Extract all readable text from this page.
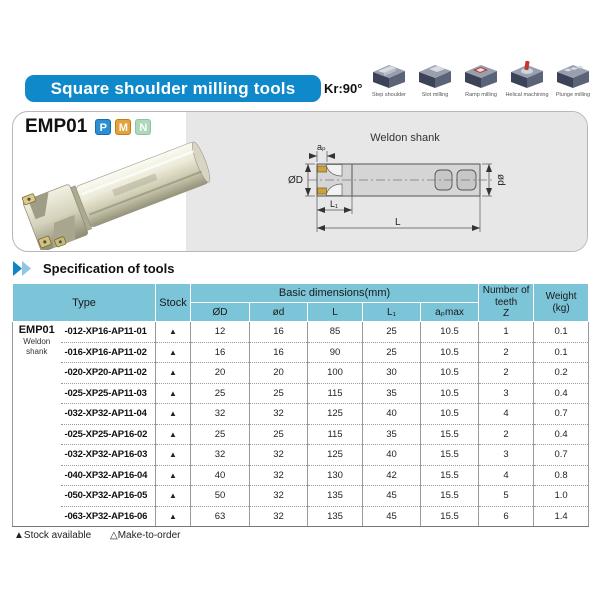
Square shoulder milling tools	Kr:90° Step shoulder	Slot milling	Ramp milling Helical machining Plunge milling
EMP01	P M N
Weldon shank
aₚ
ØD	ød
L₁
L
Specification of tools
Type	Stock	Basic dimensions(mm)	Number of
teeth
Z

Weight
(kg)

			ØD	ød	L	L₁	aₚmax		

EMP01
Weldon shank	-012-XP16-AP11-01	▲	12	16	85	25	10.5	1	0.1
	-016-XP16-AP11-02	▲	16	16	90	25	10.5	2	0.1
	-020-XP20-AP11-02	▲	20	20	100	30	10.5	2	0.2
	-025-XP25-AP11-03	▲	25	25	115	35	10.5	3	0.4
	-032-XP32-AP11-04	▲	32	32	125	40	10.5	4	0.7
	-025-XP25-AP16-02	▲	25	25	115	35	15.5	2	0.4
	-032-XP32-AP16-03	▲	32	32	125	40	15.5	3	0.7
	-040-XP32-AP16-04	▲	40	32	130	42	15.5	4	0.8
	-050-XP32-AP16-05	▲	50	32	135	45	15.5	5	1.0
	-063-XP32-AP16-06	▲	63	32	135	45	15.5	6	1.4
▲Stock available △Make-to-order
